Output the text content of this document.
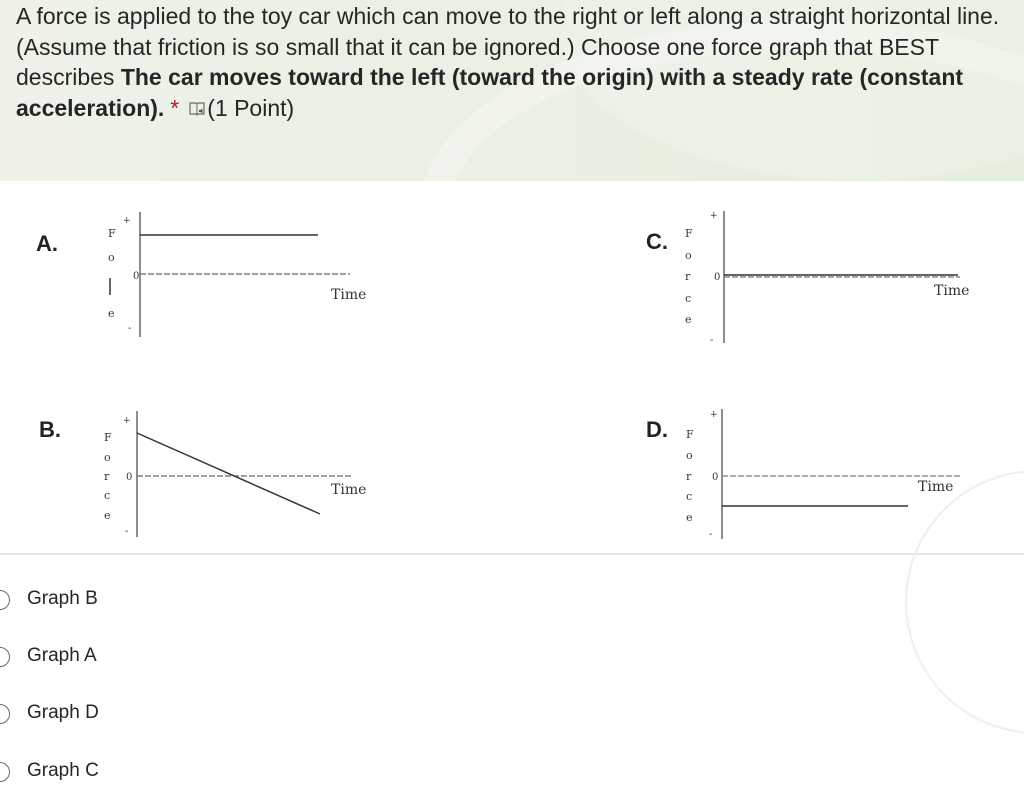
A force is applied to the toy car which can move to the right or left along a straight horizontal line. (Assume that friction is so small that it can be ignored.) Choose one force graph that BEST describes The car moves toward the left (toward the origin) with a steady rate (constant acceleration). * (1 Point)

A.	F
o
e
+
0
-
Time
B.	F
o
r
c
e
+
0
-
Time
C. F
o
r
c
e
+
0
-
Time
D. F
o
r
c
e
+
0
-
Time
Graph B
Graph A
Graph D
Graph C
